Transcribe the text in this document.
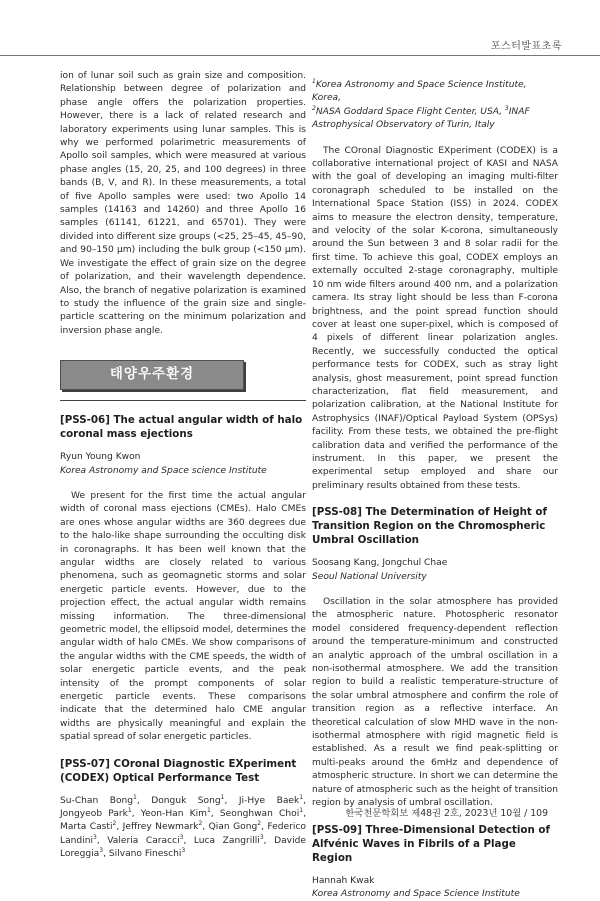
포스터발표초록

ion of lunar soil such as grain size and composition. Relationship between degree of polarization and phase angle offers the polarization properties. However, there is a lack of related research and laboratory experiments using lunar samples. This is why we performed polarimetric measurements of Apollo soil samples, which were measured at various phase angles (15, 20, 25, and 100 degrees) in three bands (B, V, and R). In these measurements, a total of five Apollo samples were used: two Apollo 14 samples (14163 and 14260) and three Apollo 16 samples (61141, 61221, and 65701). They were divided into different size groups (<25, 25–45, 45–90, and 90–150 μm) including the bulk group (<150 μm). We investigate the effect of grain size on the degree of polarization, and their wavelength dependence. Also, the branch of negative polarization is examined to study the influence of the grain size and single-particle scattering on the minimum polarization and inversion phase angle.

태양우주환경
[PSS-06] The actual angular width of halo coronal mass ejections
Ryun Young Kwon
Korea Astronomy and Space science Institute

We present for the first time the actual angular width of coronal mass ejections (CMEs). Halo CMEs are ones whose angular widths are 360 degrees due to the halo-like shape surrounding the occulting disk in coronagraphs. It has been well known that the angular widths are closely related to various phenomena, such as geomagnetic storms and solar energetic particle events. However, due to the projection effect, the actual angular width remains missing information. The three-dimensional geometric model, the ellipsoid model, determines the angular width of halo CMEs. We show comparisons of the angular widths with the CME speeds, the width of solar energetic particle events, and the peak intensity of the prompt components of solar energetic particle events. These comparisons indicate that the determined halo CME angular widths are physically meaningful and explain the spatial spread of solar energetic particles.

[PSS-07] COronal Diagnostic EXperiment (CODEX) Optical Performance Test
Su-Chan Bong$^1$, Donguk Song$^1$, Ji-Hye Baek$^1$, Jongyeob Park$^1$, Yeon-Han Kim$^1$, Seonghwan Choi$^1$, Marta Casti$^2$, Jeffrey Newmark$^2$, Qian Gong$^2$, Federico Landini$^3$, Valeria Caracci$^3$, Luca Zangrilli$^3$, Davide Loreggia$^3$, Silvano Fineschi$^3$
$^1$Korea Astronomy and Space Science Institute, Korea,
$^2$NASA Goddard Space Flight Center, USA, $^3$INAF Astrophysical Observatory of Turin, Italy

The COronal Diagnostic EXperiment (CODEX) is a collaborative international project of KASI and NASA with the goal of developing an imaging multi-filter coronagraph scheduled to be installed on the International Space Station (ISS) in 2024. CODEX aims to measure the electron density, temperature, and velocity of the solar K-corona, simultaneously around the Sun between 3 and 8 solar radii for the first time. To achieve this goal, CODEX employs an externally occulted 2-stage coronagraphy, multiple 10 nm wide filters around 400 nm, and a polarization camera. Its stray light should be less than F-corona brightness, and the point spread function should cover at least one super-pixel, which is composed of 4 pixels of different linear polarization angles. Recently, we successfully conducted the optical performance tests for CODEX, such as stray light analysis, ghost measurement, point spread function characterization, flat field measurement, and polarization calibration, at the National Institute for Astrophysics (INAF)/Optical Payload System (OPSys) facility. From these tests, we obtained the pre-flight calibration data and verified the performance of the instrument. In this paper, we present the experimental setup employed and share our preliminary results obtained from these tests.

[PSS-08] The Determination of Height of Transition Region on the Chromospheric Umbral Oscillation
Soosang Kang, Jongchul Chae
Seoul National University

Oscillation in the solar atmosphere has provided the atmospheric nature. Photospheric resonator model considered frequency-dependent reflection around the temperature-minimum and constructed an analytic approach of the umbral oscillation in a non-isothermal atmosphere. We add the transition region to build a realistic temperature-structure of the solar umbral atmosphere and confirm the role of transition region as a reflective interface. An theoretical calculation of slow MHD wave in the non-isothermal atmosphere with rigid magnetic field is established. As a result we find peak-splitting or multi-peaks around the 6mHz and dependence of atmospheric structure. In short we can determine the nature of atmospheric such as the height of transition region by analysis of umbral oscillation.

[PSS-09] Three-Dimensional Detection of Alfvénic Waves in Fibrils of a Plage Region
Hannah Kwak
Korea Astronomy and Space Science Institute
한국천문학회보 제48권 2호, 2023년 10월 / 109
